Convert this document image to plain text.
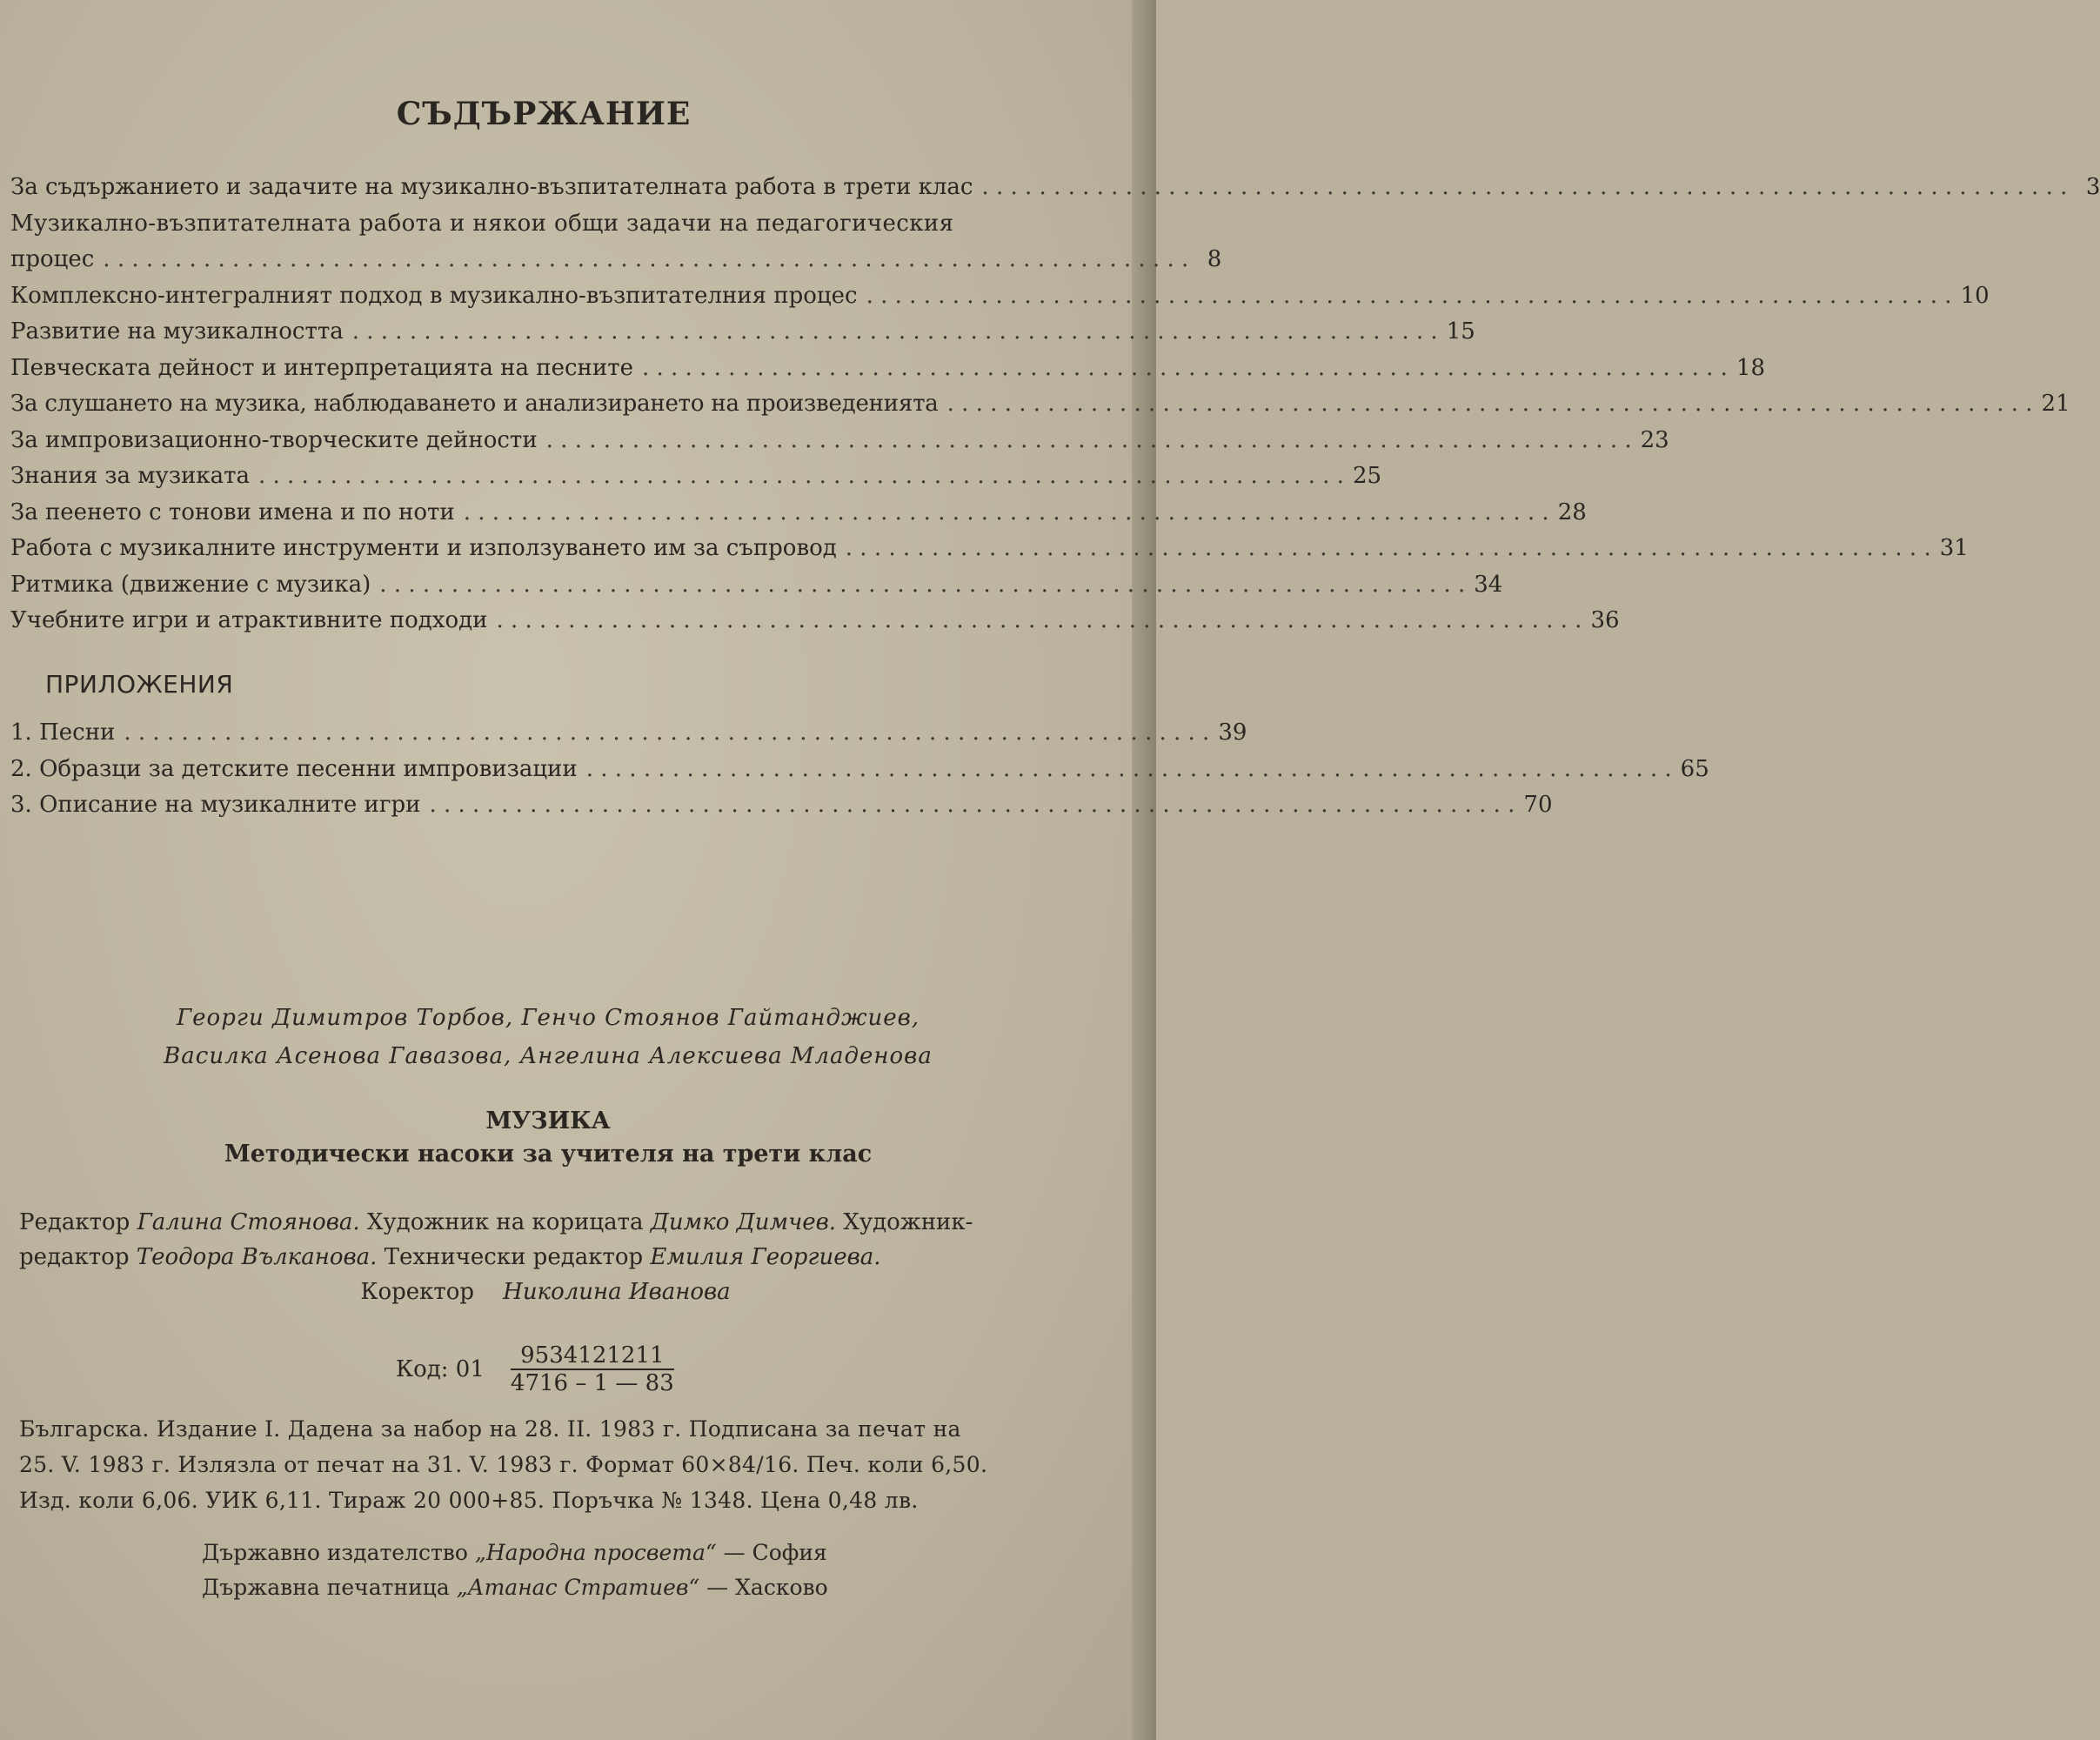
СЪДЪРЖАНИЕ
За съдържанието и задачите на музикално-възпитателната работа в трети клас . . .	3
Музикално-възпитателната работа и някои общи задачи на педагогическия
процес . . .	8
Комплексно-интегралният подход в музикално-възпитателния процес . . .	10
Развитие на музикалността . . .	15
Певческата дейност и интерпретацията на песните . . .	18
За слушането на музика, наблюдаването и анализирането на произведенията . . .	21
За импровизационно-творческите дейности . . .	23
Знания за музиката . . .	25
За пеенето с тонови имена и по ноти . . .	28
Работа с музикалните инструменти и използуването им за съпровод . . .	31
Ритмика (движение с музика) . . .	34
Учебните игри и атрактивните подходи . . .	36
ПРИЛОЖЕНИЯ
1. Песни . . .	39
2. Образци за детските песенни импровизации . . .	65
3. Описание на музикалните игри . . .	70
Георги Димитров Торбов, Генчо Стоянов Гайтанджиев,
Василка Асенова Гавазова, Ангелина Алексиева Младенова
МУЗИКА
Методически насоки за учителя на трети клас
Редактор Галина Стоянова. Художник на корицата Димко Димчев. Художник-редактор Теодора Вълканова. Технически редактор Емилия Георгиева.
Коректор Николина Иванова
Код: $01 \frac{9534121211}{4716 - 1 — 83}$
Българска. Издание I. Дадена за набор на 28. II. 1983 г. Подписана за печат на
25. V. 1983 г. Излязла от печат на 31. V. 1983 г. Формат 60×84/16. Печ. коли 6,50.
Изд. коли 6,06. УИК 6,11. Тираж 20 000+85. Поръчка № 1348. Цена 0,48 лв.
Държавно издателство „Народна просвета“ — София
Държавна печатница „Атанас Стратиев“ — Хасково
